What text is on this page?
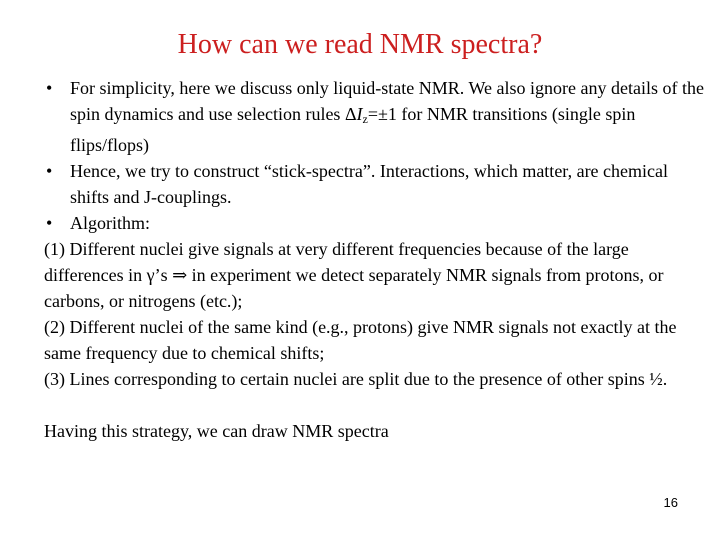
How can we read NMR spectra?
• For simplicity, here we discuss only liquid-state NMR. We also ignore any details of the spin dynamics and use selection rules $\Delta I_z=\pm 1$ for NMR transitions (single spin flips/flops)
• Hence, we try to construct “stick-spectra”. Interactions, which matter, are chemical shifts and J-couplings.
• Algorithm:
(1) Different nuclei give signals at very different frequencies because of the large differences in γ’s ⇒ in experiment we detect separately NMR signals from protons, or carbons, or nitrogens (etc.);
(2) Different nuclei of the same kind (e.g., protons) give NMR signals not exactly at the same frequency due to chemical shifts;
(3) Lines corresponding to certain nuclei are split due to the presence of other spins ½.
Having this strategy, we can draw NMR spectra
16
